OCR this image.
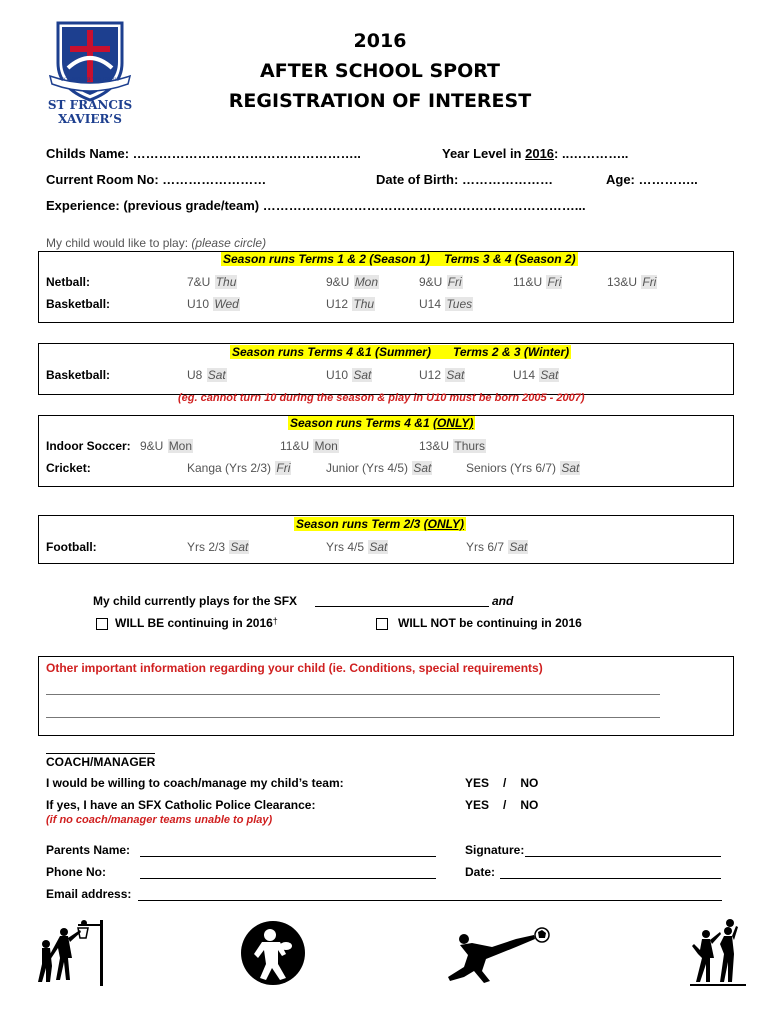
TOGETHER WE GROW
ST FRANCIS
XAVIER’S
2016
AFTER SCHOOL SPORT
REGISTRATION OF INTEREST
Childs Name: ……………………………………………..	Year Level in 2016: ..…………..
Current Room No: ……………………	Date of Birth: …………………	Age: …………..
Experience: (previous grade/team) ………………………………………………………………...
My child would like to play: (please circle)
Season runs Terms 1 & 2 (Season 1) Terms 3 & 4 (Season 2)
Netball:	7&U Thu	9&U Mon	9&U Fri	11&U Fri	13&U Fri
Basketball:	U10 Wed	U12 Thu	U14 Tues
Season runs Terms 4 &1 (Summer) Terms 2 & 3 (Winter)
Basketball:	U8 Sat	U10 Sat	U12 Sat	U14 Sat
(eg. cannot turn 10 during the season & play in U10 must be born 2005 - 2007)
Season runs Terms 4 &1 (ONLY)
Indoor Soccer: 9&U Mon	11&U Mon	13&U Thurs
Cricket:	Kanga (Yrs 2/3) Fri	Junior (Yrs 4/5) Sat	Seniors (Yrs 6/7) Sat
Season runs Term 2/3 (ONLY)
Football:	Yrs 2/3 Sat	Yrs 4/5 Sat	Yrs 6/7 Sat
My child currently plays for the SFX	and
WILL BE continuing in 2016†	WILL NOT be continuing in 2016
Other important information regarding your child (ie. Conditions, special requirements)
COACH/MANAGER
I would be willing to coach/manage my child’s team:	YES / NO
If yes, I have an SFX Catholic Police Clearance:	YES / NO
(if no coach/manager teams unable to play)
Parents Name:	Signature:
Phone No:	Date:
Email address:
